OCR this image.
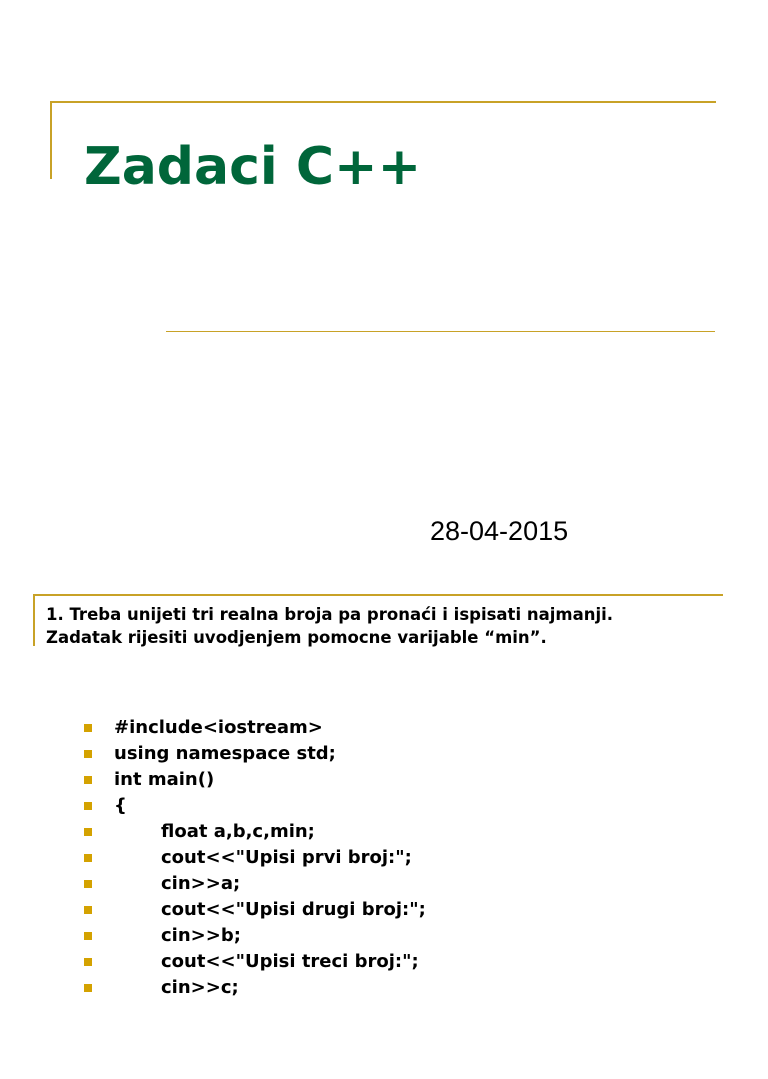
Zadaci C++
28-04-2015
1. Treba unijeti tri realna broja pa pronaći i ispisati najmanji.
Zadatak rijesiti uvodjenjem pomocne varijable “min”.

#include<iostream>

using namespace std;

int main()

{

float a,b,c,min;

cout<<"Upisi prvi broj:";

cin>>a;

cout<<"Upisi drugi broj:";

cin>>b;

cout<<"Upisi treci broj:";

cin>>c;
